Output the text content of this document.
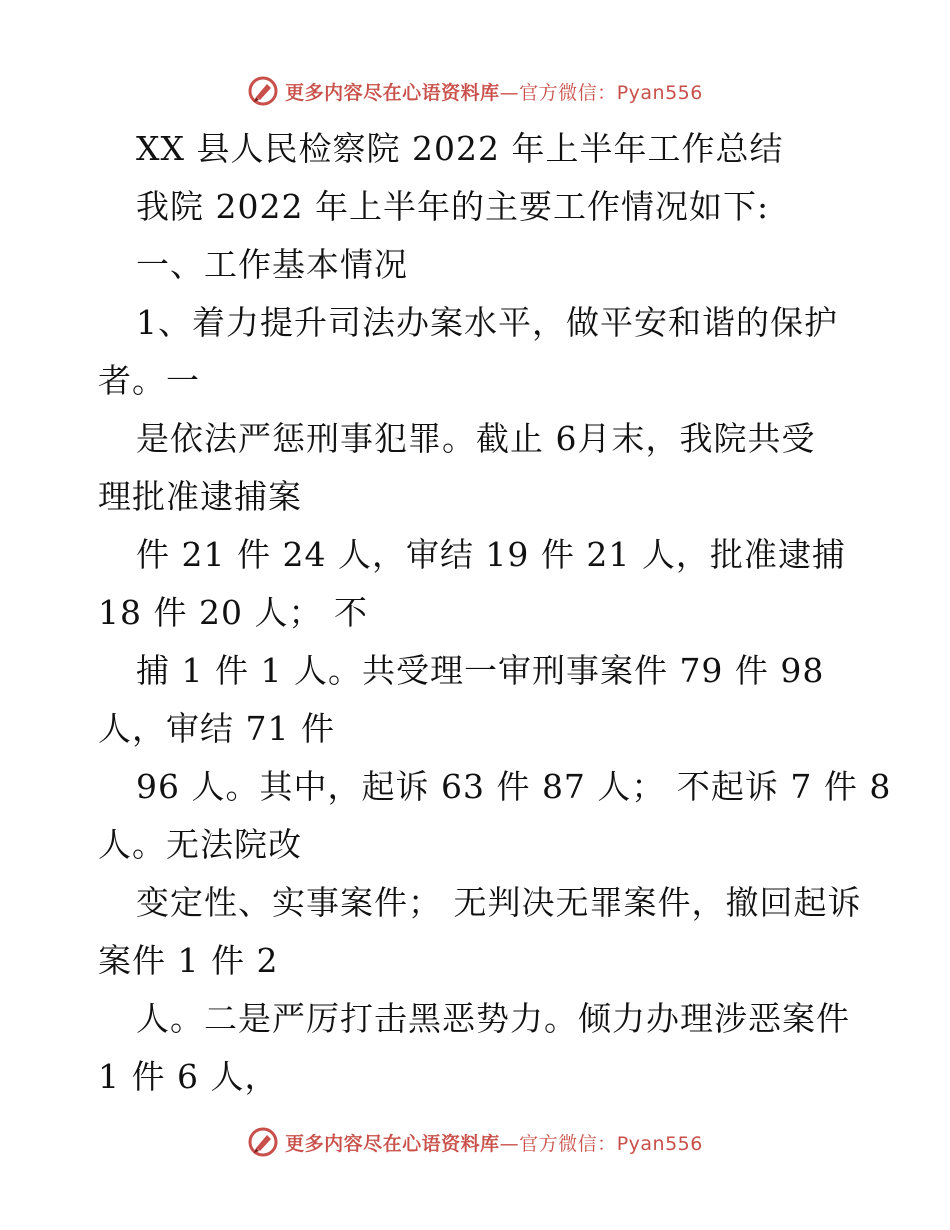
更多内容尽在心语资料库—官方微信：Pyan556
XX 县人民检察院 2022 年上半年工作总结
我院 2022 年上半年的主要工作情况如下:
一、工作基本情况
1、着力提升司法办案水平，做平安和谐的保护
者。一
是依法严惩刑事犯罪。截止 6月末，我院共受
理批准逮捕案
件 21 件 24 人，审结 19 件 21 人，批准逮捕
18 件 20 人； 不
捕 1 件 1 人。共受理一审刑事案件 79 件 98
人，审结 71 件
96 人。其中，起诉 63 件 87 人； 不起诉 7 件 8
人。无法院改
变定性、实事案件； 无判决无罪案件，撤回起诉
案件 1 件 2
人。二是严厉打击黑恶势力。倾力办理涉恶案件
1 件 6 人，
更多内容尽在心语资料库—官方微信：Pyan556
